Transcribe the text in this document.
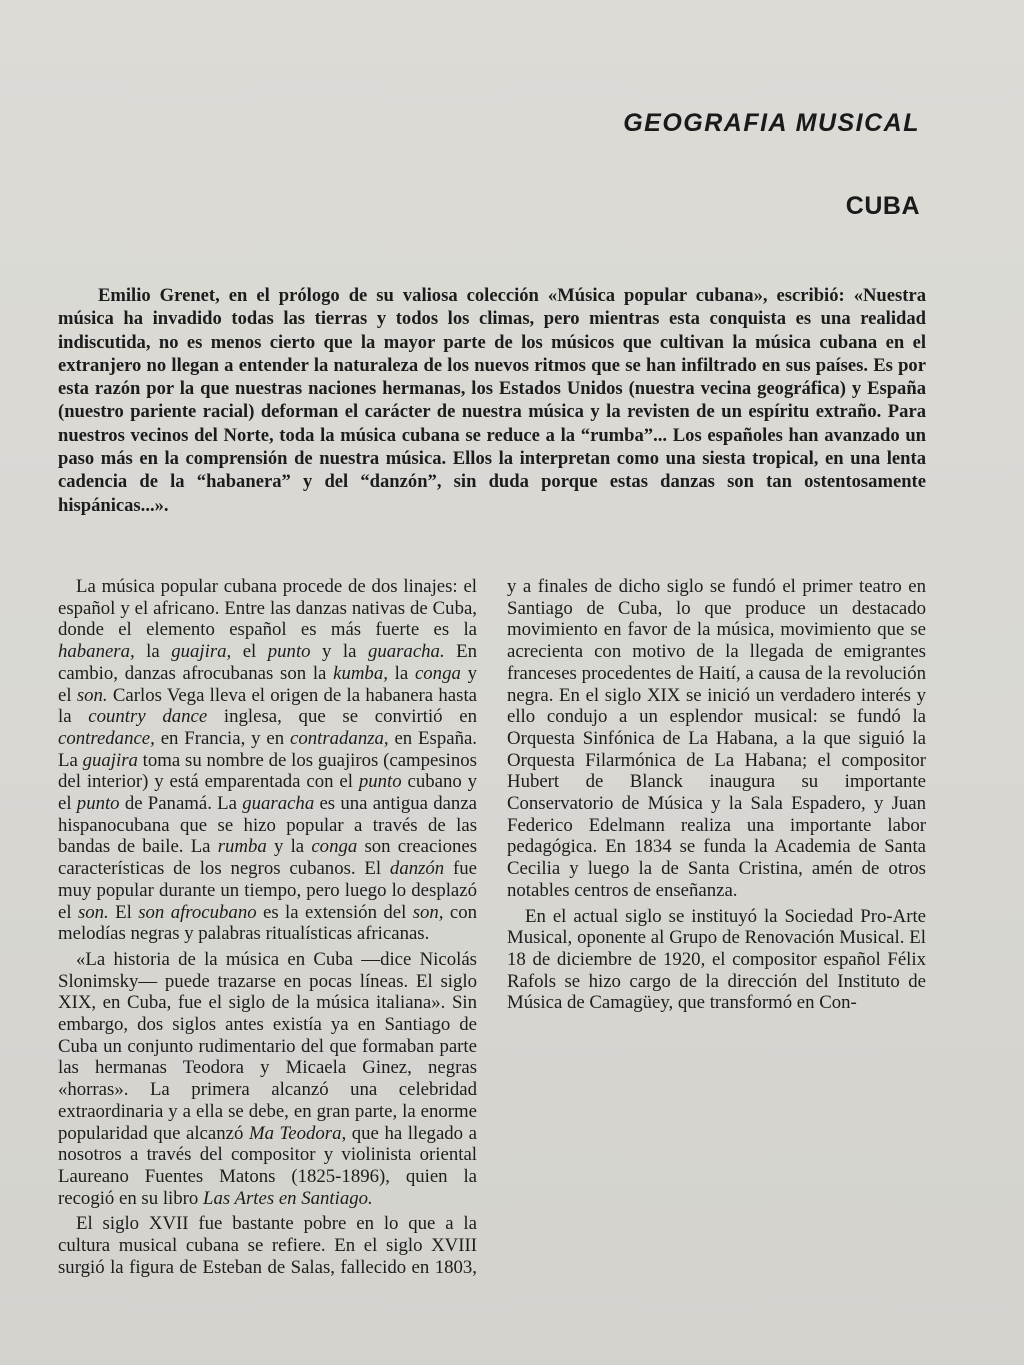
GEOGRAFIA MUSICAL
CUBA

Emilio Grenet, en el prólogo de su valiosa colección «Música popular cubana», escribió: «Nuestra música ha invadido todas las tierras y todos los climas, pero mientras esta conquista es una realidad indiscutida, no es menos cierto que la mayor parte de los músicos que cultivan la música cubana en el extranjero no llegan a entender la naturaleza de los nuevos ritmos que se han infiltrado en sus países. Es por esta razón por la que nuestras naciones hermanas, los Estados Unidos (nuestra vecina geográfica) y España (nuestro pariente racial) deforman el carácter de nuestra música y la revisten de un espíritu extraño. Para nuestros vecinos del Norte, toda la música cubana se reduce a la “rumba”... Los españoles han avanzado un paso más en la comprensión de nuestra música. Ellos la interpretan como una siesta tropical, en una lenta cadencia de la “habanera” y del “danzón”, sin duda porque estas danzas son tan ostentosamente hispánicas...».

La música popular cubana procede de dos linajes: el español y el africano. Entre las danzas nativas de Cuba, donde el elemento español es más fuerte es la habanera, la guajira, el punto y la guaracha. En cambio, danzas afrocubanas son la kumba, la conga y el son. Carlos Vega lleva el origen de la habanera hasta la country dance inglesa, que se convirtió en contredance, en Francia, y en contradanza, en España. La guajira toma su nombre de los guajiros (campesinos del interior) y está emparentada con el punto cubano y el punto de Panamá. La guaracha es una antigua danza hispanocubana que se hizo popular a través de las bandas de baile. La rumba y la conga son creaciones características de los negros cubanos. El danzón fue muy popular durante un tiempo, pero luego lo desplazó el son. El son afrocubano es la extensión del son, con melodías negras y palabras ritualísticas africanas.

«La historia de la música en Cuba —dice Nicolás Slonimsky— puede trazarse en pocas líneas. El siglo XIX, en Cuba, fue el siglo de la música italiana». Sin embargo, dos siglos antes existía ya en Santiago de Cuba un conjunto rudimentario del que formaban parte las hermanas Teodora y Micaela Ginez, negras «horras». La primera alcanzó una celebridad extraordinaria y a ella se debe, en gran parte, la enorme popularidad que alcanzó Ma Teodora, que ha llegado a nosotros a través del compositor y violinista oriental Laureano Fuentes Matons (1825-1896), quien la recogió en su libro Las Artes en Santiago.

El siglo XVII fue bastante pobre en lo que a la cultura musical cubana se refiere. En el siglo XVIII surgió la figura de Esteban de Salas, fallecido en 1803, y a finales de dicho siglo se fundó el primer teatro en Santiago de Cuba, lo que produce un destacado movimiento en favor de la música, movimiento que se acrecienta con motivo de la llegada de emigrantes franceses procedentes de Haití, a causa de la revolución negra. En el siglo XIX se inició un verdadero interés y ello condujo a un esplendor musical: se fundó la Orquesta Sinfónica de La Habana, a la que siguió la Orquesta Filarmónica de La Habana; el compositor Hubert de Blanck inaugura su importante Conservatorio de Música y la Sala Espadero, y Juan Federico Edelmann realiza una importante labor pedagógica. En 1834 se funda la Academia de Santa Cecilia y luego la de Santa Cristina, amén de otros notables centros de enseñanza.

En el actual siglo se instituyó la Sociedad Pro-Arte Musical, oponente al Grupo de Renovación Musical. El 18 de diciembre de 1920, el compositor español Félix Rafols se hizo cargo de la dirección del Instituto de Música de Camagüey, que transformó en Con-
